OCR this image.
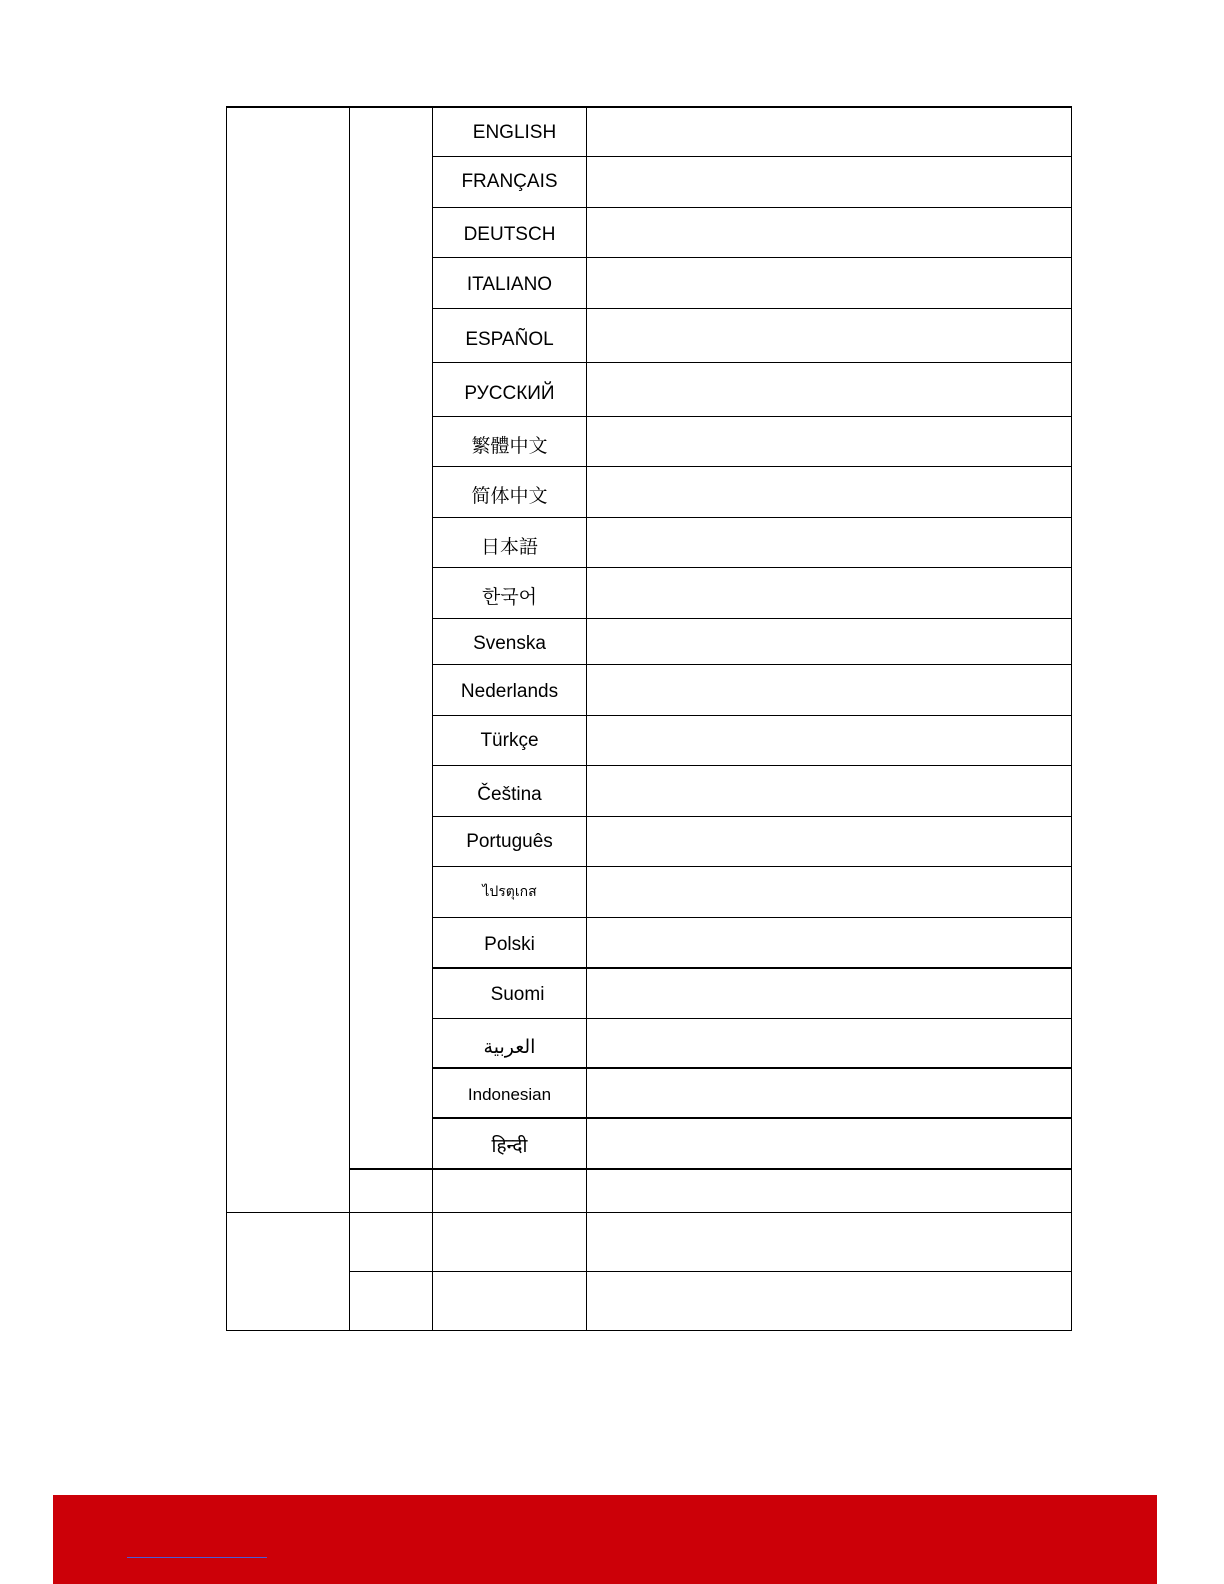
ENGLISH
FRANÇAIS
DEUTSCH
ITALIANO
ESPAÑOL
РУССКИЙ
繁體中文
简体中文
日本語
한국어
Svenska
Nederlands
Türkçe
Čeština
Português
ไปรตุเกส
Polski
Suomi
العربية
Indonesian
हिन्दी
